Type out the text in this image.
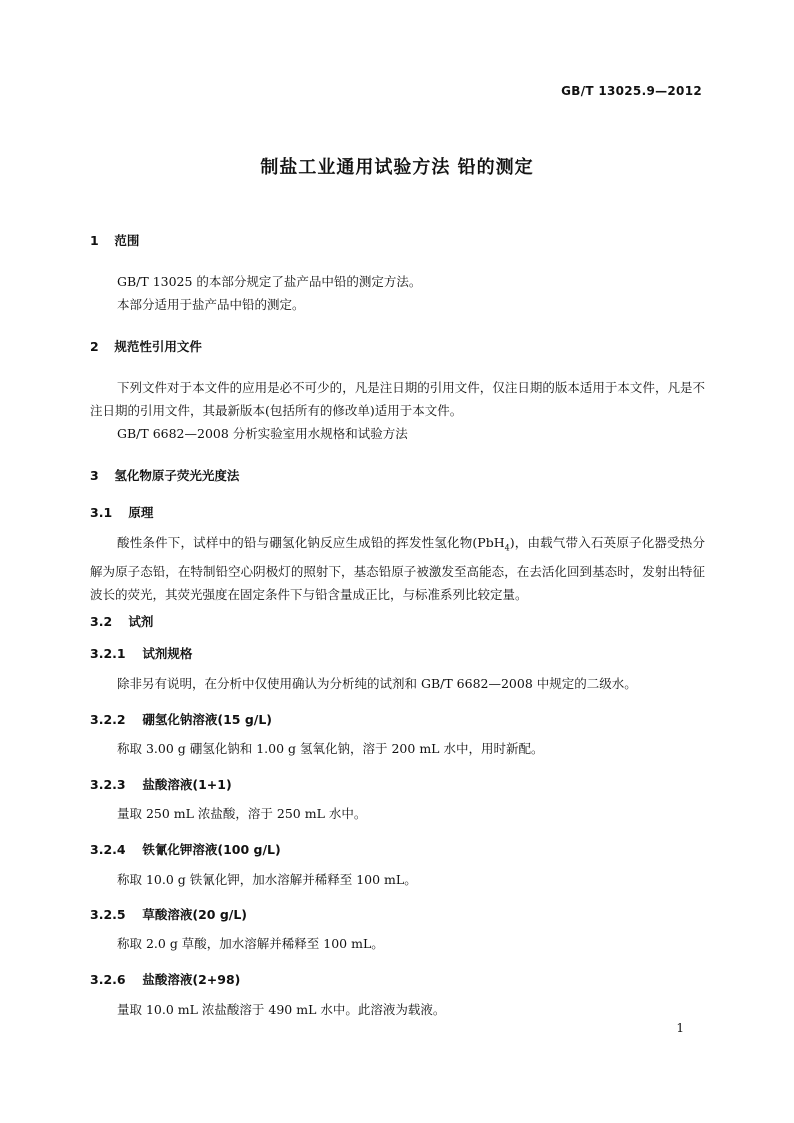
GB/T 13025.9—2012
制盐工业通用试验方法 铅的测定
1 范围

GB/T 13025 的本部分规定了盐产品中铅的测定方法。

本部分适用于盐产品中铅的测定。

2 规范性引用文件

下列文件对于本文件的应用是必不可少的，凡是注日期的引用文件，仅注日期的版本适用于本文件，凡是不注日期的引用文件，其最新版本(包括所有的修改单)适用于本文件。

GB/T 6682—2008 分析实验室用水规格和试验方法

3 氢化物原子荧光光度法
3.1 原理

酸性条件下，试样中的铅与硼氢化钠反应生成铅的挥发性氢化物(PbH$_4$)，由载气带入石英原子化器受热分解为原子态铅，在特制铅空心阴极灯的照射下，基态铅原子被激发至高能态，在去活化回到基态时，发射出特征波长的荧光，其荧光强度在固定条件下与铅含量成正比，与标准系列比较定量。

3.2 试剂
3.2.1 试剂规格

除非另有说明，在分析中仅使用确认为分析纯的试剂和 GB/T 6682—2008 中规定的二级水。

3.2.2 硼氢化钠溶液(15 g/L)

称取 3.00 g 硼氢化钠和 1.00 g 氢氧化钠，溶于 200 mL 水中，用时新配。

3.2.3 盐酸溶液(1+1)

量取 250 mL 浓盐酸，溶于 250 mL 水中。

3.2.4 铁氰化钾溶液(100 g/L)

称取 10.0 g 铁氰化钾，加水溶解并稀释至 100 mL。

3.2.5 草酸溶液(20 g/L)

称取 2.0 g 草酸，加水溶解并稀释至 100 mL。

3.2.6 盐酸溶液(2+98)

量取 10.0 mL 浓盐酸溶于 490 mL 水中。此溶液为载液。

1
